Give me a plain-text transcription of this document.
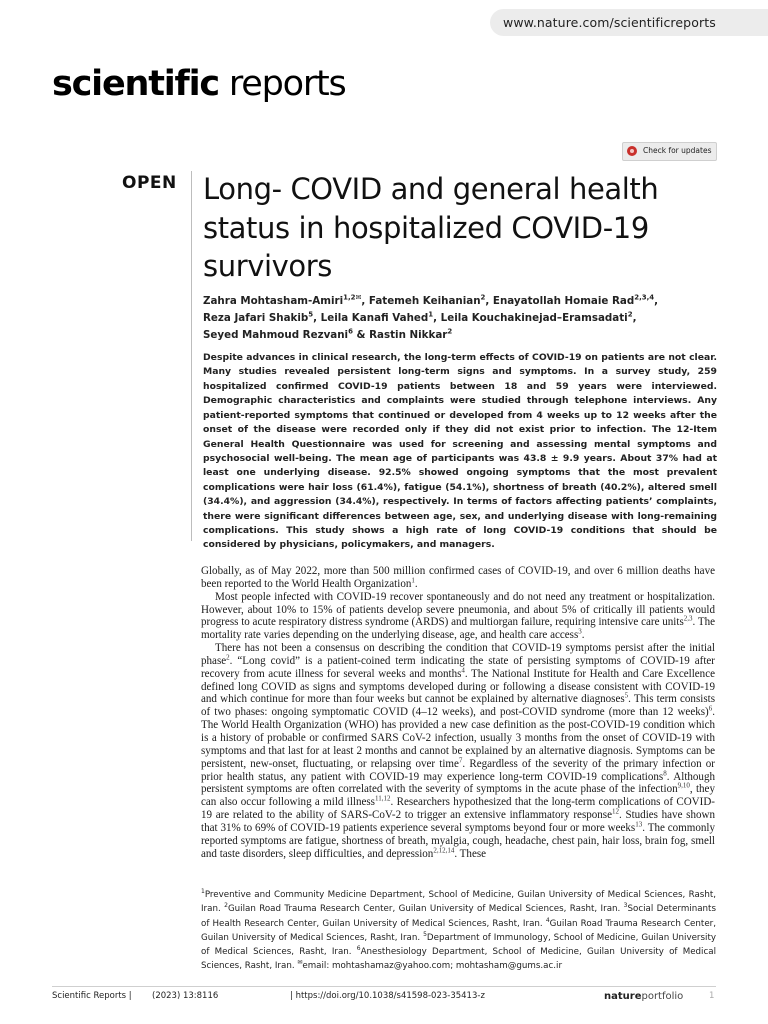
www.nature.com/scientificreports
scientific reports
Check for updates
OPEN Long- COVID and general health status in hospitalized COVID-19 survivors
Zahra Mohtasham-Amiri$^{1,2✉}$, Fatemeh Keihanian$^2$, Enayatollah Homaie Rad$^{2,3,4}$,
Reza Jafari Shakib$^5$, Leila Kanafi Vahed$^1$, Leila Kouchakinejad–Eramsadati$^2$,
Seyed Mahmoud Rezvani$^6$ & Rastin Nikkar$^2$

Despite advances in clinical research, the long-term effects of COVID-19 on patients are not clear. Many studies revealed persistent long-term signs and symptoms. In a survey study, 259 hospitalized confirmed COVID-19 patients between 18 and 59 years were interviewed. Demographic characteristics and complaints were studied through telephone interviews. Any patient-reported symptoms that continued or developed from 4 weeks up to 12 weeks after the onset of the disease were recorded only if they did not exist prior to infection. The 12-Item General Health Questionnaire was used for screening and assessing mental symptoms and psychosocial well-being. The mean age of participants was 43.8 ± 9.9 years. About 37% had at least one underlying disease. 92.5% showed ongoing symptoms that the most prevalent complications were hair loss (61.4%), fatigue (54.1%), shortness of breath (40.2%), altered smell (34.4%), and aggression (34.4%), respectively. In terms of factors affecting patients’ complaints, there were significant differences between age, sex, and underlying disease with long-remaining complications. This study shows a high rate of long COVID-19 conditions that should be considered by physicians, policymakers, and managers.

Globally, as of May 2022, more than 500 million confirmed cases of COVID-19, and over 6 million deaths have been reported to the World Health Organization$^1$.

Most people infected with COVID-19 recover spontaneously and do not need any treatment or hospitalization. However, about 10% to 15% of patients develop severe pneumonia, and about 5% of critically ill patients would progress to acute respiratory distress syndrome (ARDS) and multiorgan failure, requiring intensive care units$^{2,3}$. The mortality rate varies depending on the underlying disease, age, and health care access$^3$.

There has not been a consensus on describing the condition that COVID-19 symptoms persist after the initial phase$^2$. “Long covid” is a patient-coined term indicating the state of persisting symptoms of COVID-19 after recovery from acute illness for several weeks and months$^4$. The National Institute for Health and Care Excellence defined long COVID as signs and symptoms developed during or following a disease consistent with COVID-19 and which continue for more than four weeks but cannot be explained by alternative diagnoses$^5$. This term consists of two phases: ongoing symptomatic COVID (4–12 weeks), and post-COVID syndrome (more than 12 weeks)$^6$. The World Health Organization (WHO) has provided a new case definition as the post-COVID-19 condition which is a history of probable or confirmed SARS CoV-2 infection, usually 3 months from the onset of COVID-19 with symptoms and that last for at least 2 months and cannot be explained by an alternative diagnosis. Symptoms can be persistent, new-onset, fluctuating, or relapsing over time$^7$. Regardless of the severity of the primary infection or prior health status, any patient with COVID-19 may experience long-term COVID-19 complications$^8$. Although persistent symptoms are often correlated with the severity of symptoms in the acute phase of the infection$^{9,10}$, they can also occur following a mild illness$^{11,12}$. Researchers hypothesized that the long-term complications of COVID-19 are related to the ability of SARS-CoV-2 to trigger an extensive inflammatory response$^{12}$. Studies have shown that 31% to 69% of COVID-19 patients experience several symptoms beyond four or more weeks$^{13}$. The commonly reported symptoms are fatigue, shortness of breath, myalgia, cough, headache, chest pain, hair loss, brain fog, smell and taste disorders, sleep difficulties, and depression$^{2,12,14}$. These

$^1$Preventive and Community Medicine Department, School of Medicine, Guilan University of Medical Sciences, Rasht, Iran. $^2$Guilan Road Trauma Research Center, Guilan University of Medical Sciences, Rasht, Iran. $^3$Social Determinants of Health Research Center, Guilan University of Medical Sciences, Rasht, Iran. $^4$Guilan Road Trauma Research Center, Guilan University of Medical Sciences, Rasht, Iran. $^5$Department of Immunology, School of Medicine, Guilan University of Medical Sciences, Rasht, Iran. $^6$Anesthesiology Department, School of Medicine, Guilan University of Medical Sciences, Rasht, Iran. ✉email: mohtashamaz@yahoo.com; mohtasham@gums.ac.ir
Scientific Reports | (2023) 13:8116	| https://doi.org/10.1038/s41598-023-35413-z	natureportfolio	1
